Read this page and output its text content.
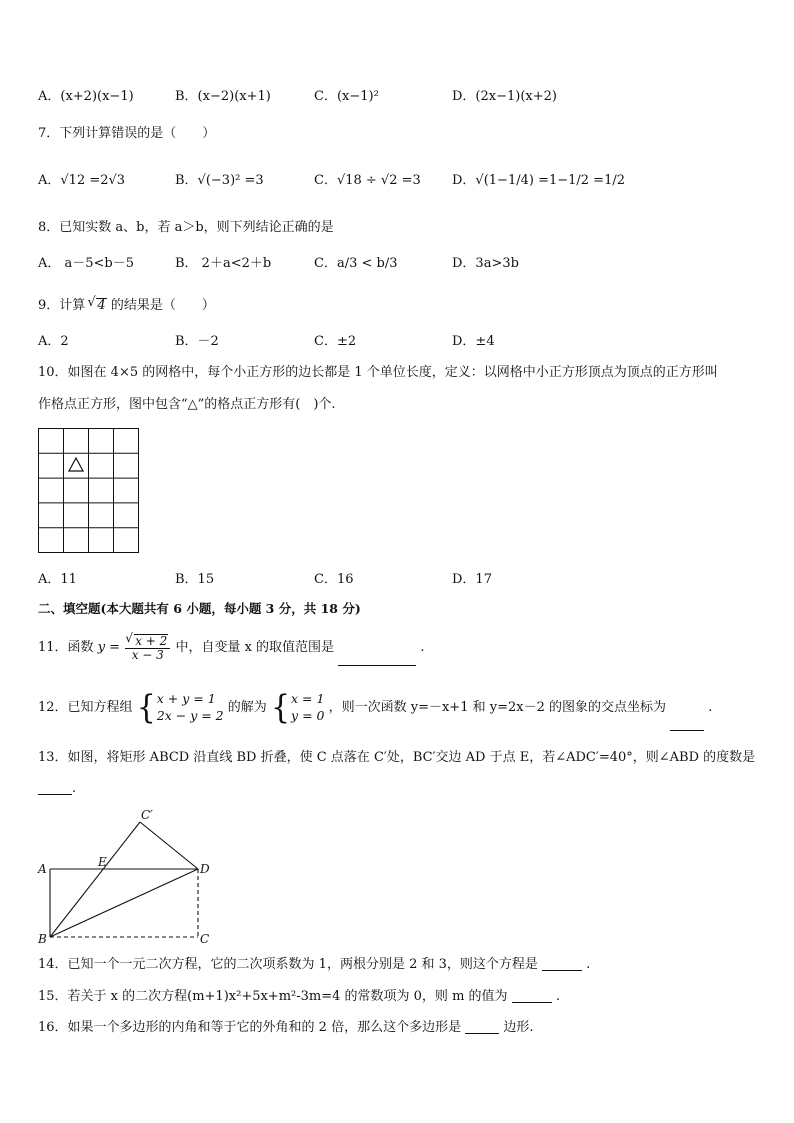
A．(x+2)(x−1)	B．(x−2)(x+1)	C．(x−1)²	D．(2x−1)(x+2)
7．下列计算错误的是（　　）
A．√12 =2√3	B．√(−3)² =3	C．√18 ÷ √2 =3 D．√(1−1/4) =1−1/2 =1/2
8．已知实数 a、b，若 a＞b，则下列结论正确的是
A． a－5<b－5	B． 2＋a<2＋b	C．a/3 < b/3	D．3a>3b
9．计算 √ 4 的结果是（　　）
A．2	B．－2	C．±2	D．±4
10．如图在 4×5 的网格中，每个小正方形的边长都是 1 个单位长度，定义：以网格中小正方形顶点为顶点的正方形叫
作格点正方形，图中包含“△”的格点正方形有(　)个.
A．11	B．15	C．16	D．17
二、填空题(本大题共有 6 小题，每小题 3 分，共 18 分)
11．函数 y = √ $\frac{x + 2}{x - 3}$ 中，自变量 x 的取值范围是	.
12．已知方程组 {x + y = 1
2x − y = 2 的解为 {x = 1
y = 0 ，则一次函数 y=－x+1 和 y=2x－2 的图象的交点坐标为	.
13．如图，将矩形 ABCD 沿直线 BD 折叠，使 C 点落在 C′处，BC′交边 AD 于点 E，若∠ADC′=40°，则∠ABD 的度数是
.
C′
A	E	D
B	C
14．已知一个一元二次方程，它的二次项系数为 1，两根分别是 2 和 3，则这个方程是	.
15．若关于 x 的二次方程(m+1)x²+5x+m²-3m=4 的常数项为 0，则 m 的值为	.
16．如果一个多边形的内角和等于它的外角和的 2 倍，那么这个多边形是	边形.
